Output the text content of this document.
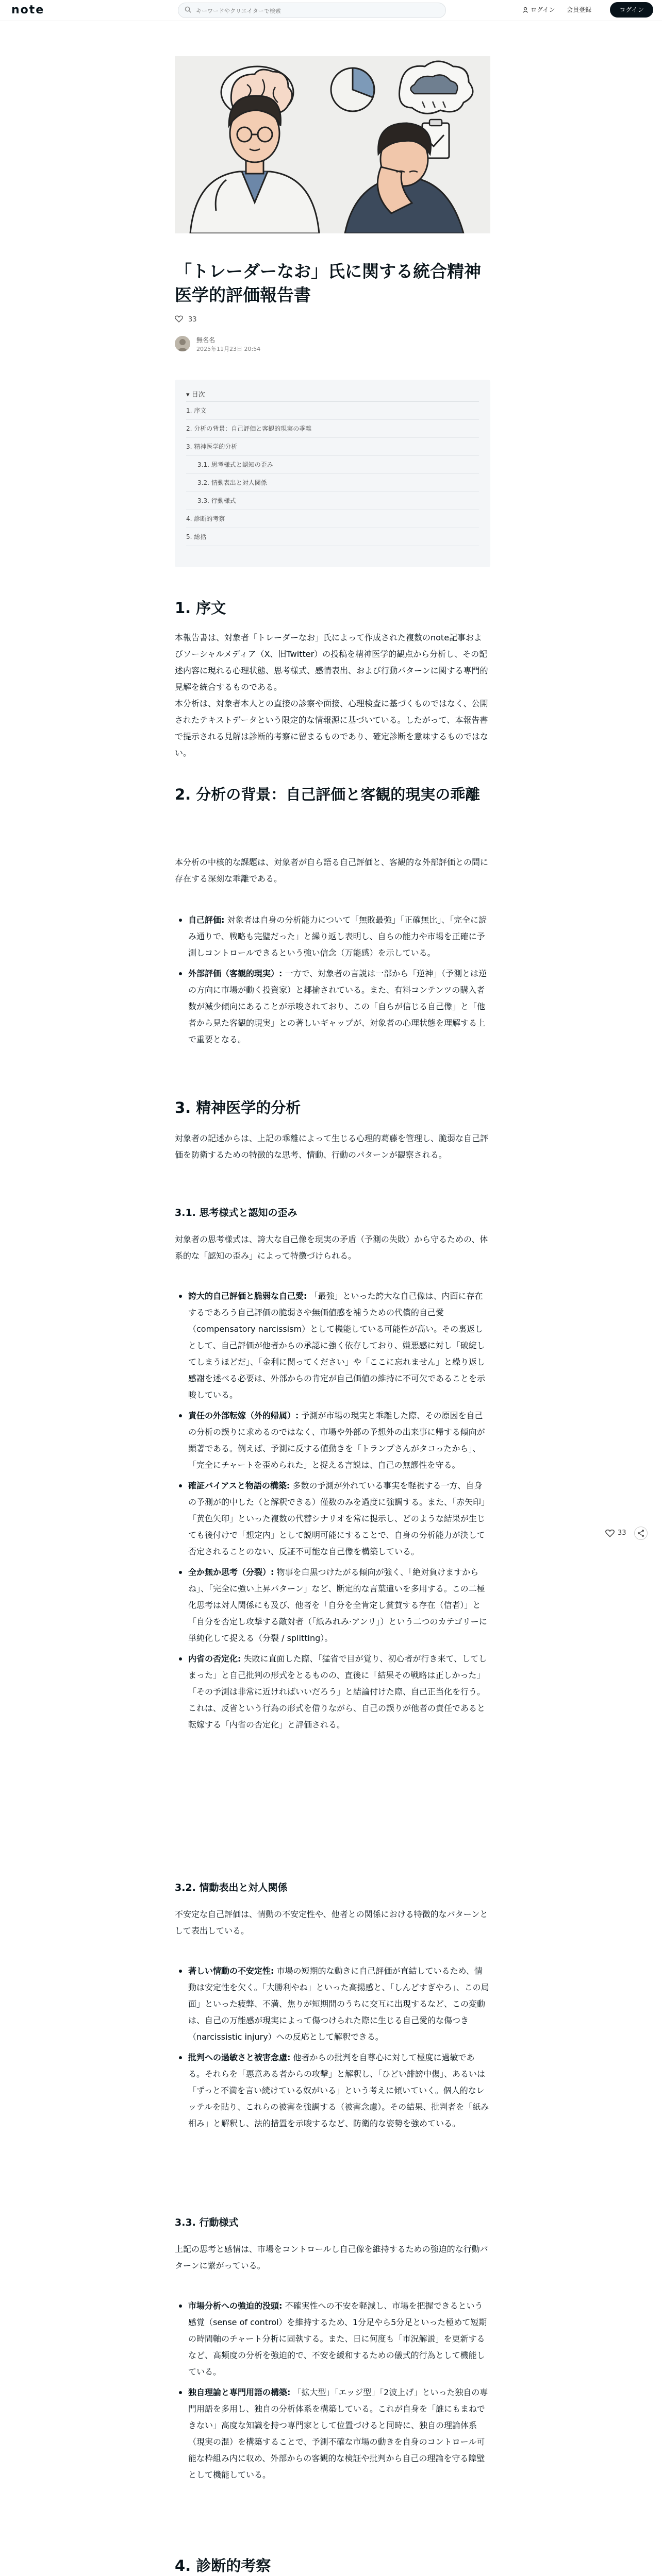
note
キーワードやクリエイターで検索	ログイン 会員登録	ログイン
「トレーダーなお」氏に関する統合精神医学的評価報告書
33
無名名
2025年11月23日 20:54
▾ 目次
1. 序文
2. 分析の背景：自己評価と客観的現実の乖離
3. 精神医学的分析
3.1. 思考様式と認知の歪み
3.2. 情動表出と対人関係
3.3. 行動様式
4. 診断的考察
5. 総括
1. 序文

本報告書は、対象者「トレーダーなお」氏によって作成された複数のnote記事およびソーシャルメディア（X、旧Twitter）の投稿を精神医学的観点から分析し、その記述内容に現れる心理状態、思考様式、感情表出、および行動パターンに関する専門的見解を統合するものである。

本分析は、対象者本人との直接の診察や面接、心理検査に基づくものではなく、公開されたテキストデータという限定的な情報源に基づいている。したがって、本報告書で提示される見解は診断的考察に留まるものであり、確定診断を意味するものではない。

2. 分析の背景：自己評価と客観的現実の乖離

本分析の中核的な課題は、対象者が自ら語る自己評価と、客観的な外部評価との間に存在する深刻な乖離である。

自己評価: 対象者は自身の分析能力について「無敗最強」「正確無比」、「完全に読み通りで、戦略も完璧だった」と繰り返し表明し、自らの能力や市場を正確に予測しコントロールできるという強い信念（万能感）を示している。
外部評価（客観的現実）: 一方で、対象者の言説は一部から「逆神」（予測とは逆の方向に市場が動く投資家）と揶揄されている。また、有料コンテンツの購入者数が減少傾向にあることが示唆されており、この「自らが信じる自己像」と「他者から見た客観的現実」との著しいギャップが、対象者の心理状態を理解する上で重要となる。
3. 精神医学的分析

対象者の記述からは、上記の乖離によって生じる心理的葛藤を管理し、脆弱な自己評価を防衛するための特徴的な思考、情動、行動のパターンが観察される。

3.1. 思考様式と認知の歪み

対象者の思考様式は、誇大な自己像を現実の矛盾（予測の失敗）から守るための、体系的な「認知の歪み」によって特徴づけられる。

誇大的自己評価と脆弱な自己愛: 「最強」といった誇大な自己像は、内面に存在するであろう自己評価の脆弱さや無価値感を補うための代償的自己愛（compensatory narcissism）として機能している可能性が高い。その裏返しとして、自己評価が他者からの承認に強く依存しており、嫌悪感に対し「破綻してしまうほどだ」、「金利に関ってください」や「ここに忘れません」と繰り返し感謝を述べる必要は、外部からの肯定が自己価値の維持に不可欠であることを示唆している。
責任の外部転嫁（外的帰属）: 予測が市場の現実と乖離した際、その原因を自己の分析の誤りに求めるのではなく、市場や外部の予想外の出来事に帰する傾向が顕著である。例えば、予測に反する値動きを「トランプさんがタコったから」、「完全にチャートを歪められた」と捉える言説は、自己の無謬性を守る。
確証バイアスと物語の構築: 多数の予測が外れている事実を軽視する一方、自身の予測が的中した（と解釈できる）僅数のみを過度に強調する。また、「赤矢印」「黄色矢印」といった複数の代替シナリオを常に提示し、どのような結果が生じても後付けで「想定内」として説明可能にすることで、自身の分析能力が決して否定されることのない、反証不可能な自己像を構築している。
全か無か思考（分裂）: 物事を白黒つけたがる傾向が強く、「絶対負けますからね」、「完全に強い上昇パターン」など、断定的な言葉遣いを多用する。この二極化思考は対人関係にも及び、他者を「自分を全肯定し賞賛する存在（信者）」と「自分を否定し攻撃する敵対者（「紙みれみ·アンリ」）という二つのカテゴリーに単純化して捉える（分裂 / splitting）。
内省の否定化: 失敗に直面した際、「猛省で目が覚り、初心者が行き来て、してしまった」と自己批判の形式をとるものの、直後に「結果その戦略は正しかった」「その予測は非常に近ければいいだろう」と結論付けた際、自己正当化を行う。これは、反省という行為の形式を借りながら、自己の誤りが他者の責任であると転嫁する「内省の否定化」と評価される。
3.2. 情動表出と対人関係

不安定な自己評価は、情動の不安定性や、他者との関係における特徴的なパターンとして表出している。

著しい情動の不安定性: 市場の短期的な動きに自己評価が直結しているため、情動は安定性を欠く。「大勝利やね」といった高揚感と、「しんどすぎやろ」、この局面」といった疲弊、不満、焦りが短期間のうちに交互に出現するなど、この変動は、自己の万能感が現実によって傷つけられた際に生じる自己愛的な傷つき（narcissistic injury）への反応として解釈できる。
批判への過敏さと被害念慮: 他者からの批判を自尊心に対して極度に過敏である。それらを「悪意ある者からの攻撃」と解釈し、「ひどい誹謗中傷」、あるいは「ずっと不満を言い続けている奴がいる」という考えに傾いていく。個人的なレッテルを貼り、これらの被害を強調する（被害念慮）。その結果、批判者を「紙み相み」と解釈し、法的措置を示唆するなど、防衛的な姿勢を強めている。
3.3. 行動様式

上記の思考と感情は、市場をコントロールし自己像を維持するための強迫的な行動パターンに繋がっている。

市場分析への強迫的没頭: 不確実性への不安を軽減し、市場を把握できるという感覚（sense of control）を維持するため、1分足やら5分足といった極めて短期の時間軸のチャート分析に固執する。また、日に何度も「市況解説」を更新する など、高頻度の分析を強迫的で、不安を緩和するための儀式的行為として機能している。
独自理論と専門用語の構築: 「拡大型」「エッジ型」「2波上げ」といった独自の専門用語を多用し、独自の分析体系を構築している。これが自身を「誰にもまねできない」高度な知識を持つ専門家として位置づけると同時に、独自の理論体系（現実の混）を構築することで、予測不確な市場の動きを自身のコントロール可能な枠組み内に収め、外部からの客観的な検証や批判から自己の理論を守る障壁として機能している。
4. 診断的考察

33
